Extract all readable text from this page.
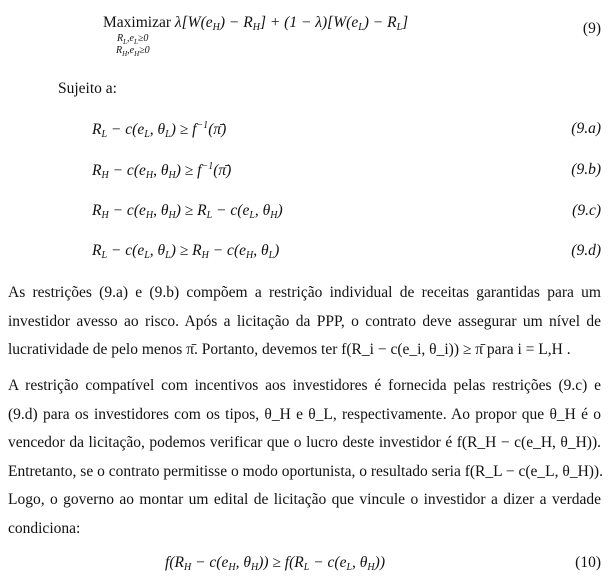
Maximizar $\lambda[W(e_H) - R_H] + (1 - \lambda)[W(e_L) - R_L]$
$R_L,e_L\ge 0$
$R_H,e_H\ge 0$
(9)
Sujeito a:
$R_L - c(e_L$, $\theta_L$) ≥ $f^{-1}(\pī)$	(9.a)
$R_H - c(e_H$, $\theta_H$) ≥ $f^{-1}(\pī)$	(9.b)
$R_H - c(e_H$, $\theta_H) \ge R_L - c(e_L$, $\theta_H$)	(9.c)
$R_L - c(e_L$, $\theta_L) \ge R_H - c(e_H$, $\theta_L$)	(9.d)
As restrições (9.a) e (9.b) compõem a restrição individual de receitas garantidas para um
investidor avesso ao risco. Após a licitação da PPP, o contrato deve assegurar um nível de
lucratividade de pelo menos π̄. Portanto, devemos ter f(R_i − c(e_i, θ_i)) ≥ π̄ para i = L,H .
A restrição compatível com incentivos aos investidores é fornecida pelas restrições (9.c) e
(9.d) para os investidores com os tipos, θ_H e θ_L, respectivamente. Ao propor que θ_H é o
vencedor da licitação, podemos verificar que o lucro deste investidor é f(R_H − c(e_H, θ_H)).
Entretanto, se o contrato permitisse o modo oportunista, o resultado seria f(R_L − c(e_L, θ_H)).
Logo, o governo ao montar um edital de licitação que vincule o investidor a dizer a verdade
condiciona:
$f(R_H - c(e_H$, $\theta_H)) \ge f(R_L - c(e_L$, $\theta_H$))	(10)
